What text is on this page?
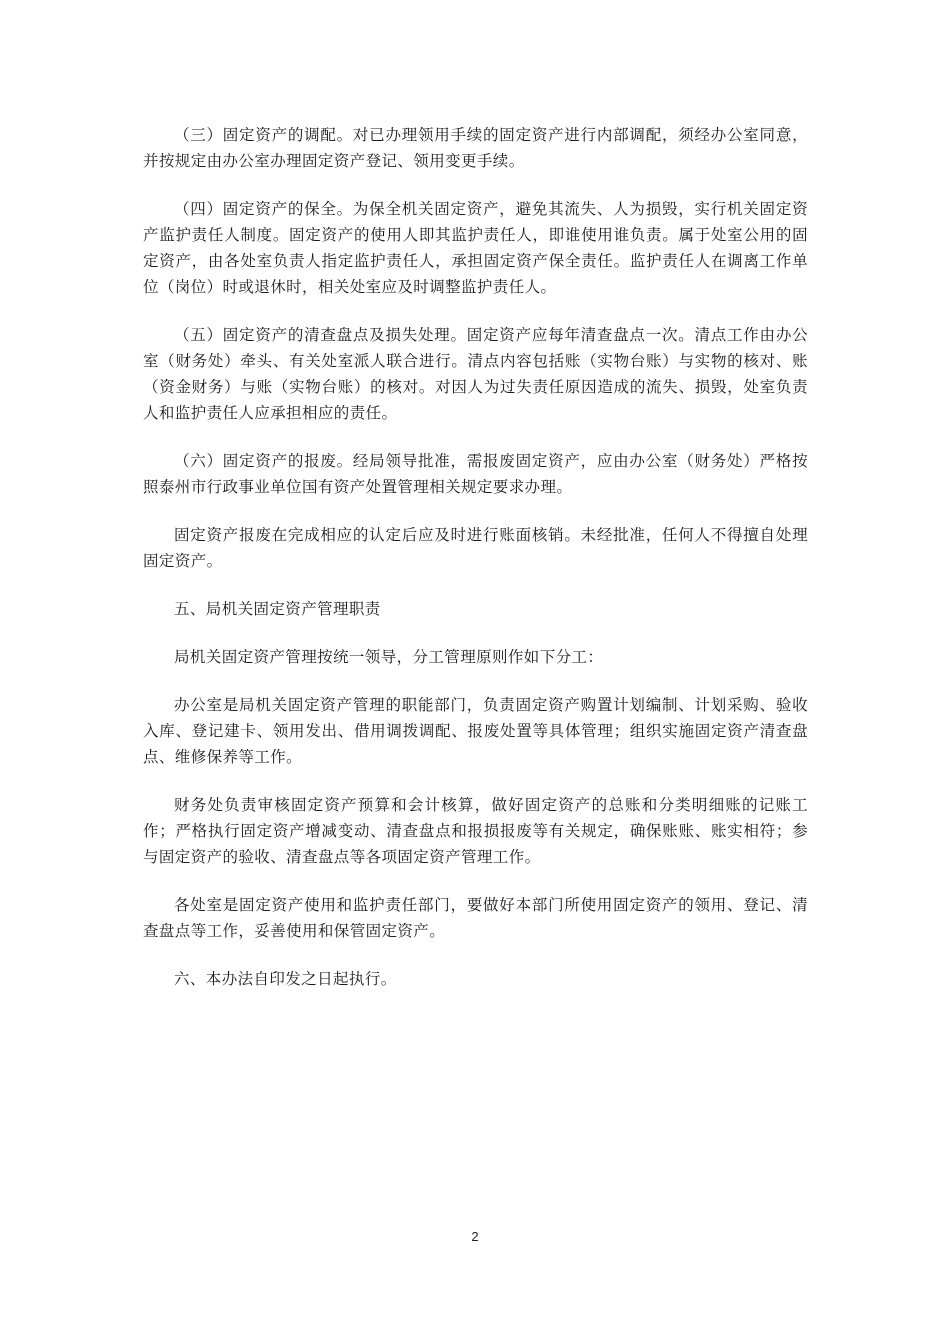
（三）固定资产的调配。对已办理领用手续的固定资产进行内部调配，须经办公室同意，并按规定由办公室办理固定资产登记、领用变更手续。

（四）固定资产的保全。为保全机关固定资产，避免其流失、人为损毁，实行机关固定资产监护责任人制度。固定资产的使用人即其监护责任人，即谁使用谁负责。属于处室公用的固定资产，由各处室负责人指定监护责任人，承担固定资产保全责任。监护责任人在调离工作单位（岗位）时或退休时，相关处室应及时调整监护责任人。

（五）固定资产的清查盘点及损失处理。固定资产应每年清查盘点一次。清点工作由办公室（财务处）牵头、有关处室派人联合进行。清点内容包括账（实物台账）与实物的核对、账（资金财务）与账（实物台账）的核对。对因人为过失责任原因造成的流失、损毁，处室负责人和监护责任人应承担相应的责任。

（六）固定资产的报废。经局领导批准，需报废固定资产，应由办公室（财务处）严格按照泰州市行政事业单位国有资产处置管理相关规定要求办理。

固定资产报废在完成相应的认定后应及时进行账面核销。未经批准，任何人不得擅自处理固定资产。

五、局机关固定资产管理职责

局机关固定资产管理按统一领导，分工管理原则作如下分工：

办公室是局机关固定资产管理的职能部门，负责固定资产购置计划编制、计划采购、验收入库、登记建卡、领用发出、借用调拨调配、报废处置等具体管理；组织实施固定资产清查盘点、维修保养等工作。

财务处负责审核固定资产预算和会计核算，做好固定资产的总账和分类明细账的记账工作；严格执行固定资产增减变动、清查盘点和报损报废等有关规定，确保账账、账实相符；参与固定资产的验收、清查盘点等各项固定资产管理工作。

各处室是固定资产使用和监护责任部门，要做好本部门所使用固定资产的领用、登记、清查盘点等工作，妥善使用和保管固定资产。

六、本办法自印发之日起执行。

2
